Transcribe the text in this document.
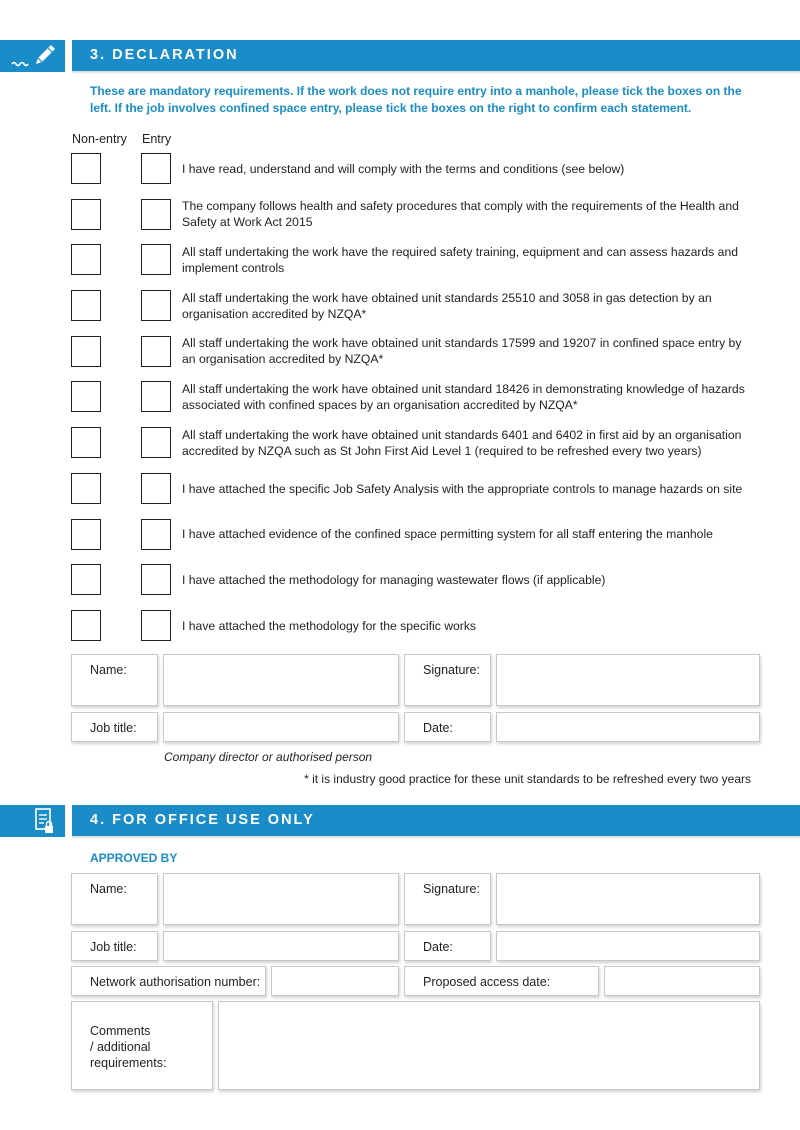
3. DECLARATION
These are mandatory requirements. If the work does not require entry into a manhole, please tick the boxes on the left. If the job involves confined space entry, please tick the boxes on the right to confirm each statement.
Non-entry Entry
I have read, understand and will comply with the terms and conditions (see below)
The company follows health and safety procedures that comply with the requirements of the Health and Safety at Work Act 2015
All staff undertaking the work have the required safety training, equipment and can assess hazards and implement controls
All staff undertaking the work have obtained unit standards 25510 and 3058 in gas detection by an organisation accredited by NZQA*
All staff undertaking the work have obtained unit standards 17599 and 19207 in confined space entry by an organisation accredited by NZQA*
All staff undertaking the work have obtained unit standard 18426 in demonstrating knowledge of hazards associated with confined spaces by an organisation accredited by NZQA*
All staff undertaking the work have obtained unit standards 6401 and 6402 in first aid by an organisation accredited by NZQA such as St John First Aid Level 1 (required to be refreshed every two years)
I have attached the specific Job Safety Analysis with the appropriate controls to manage hazards on site
I have attached evidence of the confined space permitting system for all staff entering the manhole
I have attached the methodology for managing wastewater flows (if applicable)
I have attached the methodology for the specific works
Name:	Signature:
Job title:	Date:
Company director or authorised person
* it is industry good practice for these unit standards to be refreshed every two years
4. FOR OFFICE USE ONLY
APPROVED BY
Name:	Signature:
Job title:	Date:
Network authorisation number:	Proposed access date:
Comments
/ additional
requirements:
